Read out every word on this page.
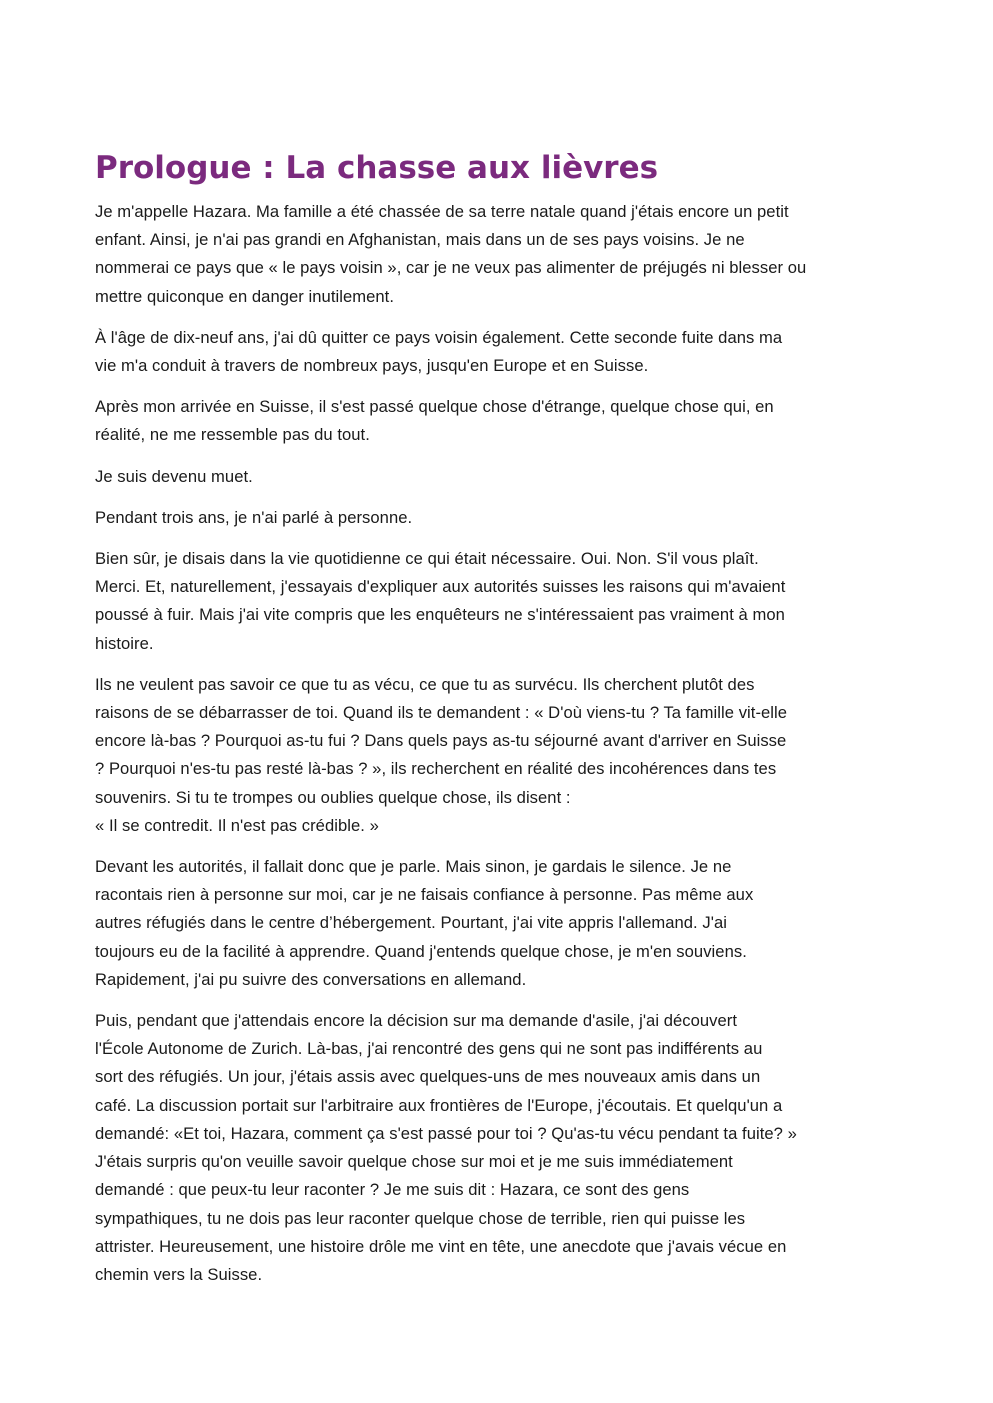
Prologue : La chasse aux lièvres

Je m'appelle Hazara. Ma famille a été chassée de sa terre natale quand j'étais encore un petit
enfant. Ainsi, je n'ai pas grandi en Afghanistan, mais dans un de ses pays voisins. Je ne
nommerai ce pays que « le pays voisin », car je ne veux pas alimenter de préjugés ni blesser ou
mettre quiconque en danger inutilement.

À l'âge de dix-neuf ans, j'ai dû quitter ce pays voisin également. Cette seconde fuite dans ma
vie m'a conduit à travers de nombreux pays, jusqu'en Europe et en Suisse.

Après mon arrivée en Suisse, il s'est passé quelque chose d'étrange, quelque chose qui, en
réalité, ne me ressemble pas du tout.

Je suis devenu muet.

Pendant trois ans, je n'ai parlé à personne.

Bien sûr, je disais dans la vie quotidienne ce qui était nécessaire. Oui. Non. S'il vous plaît.
Merci. Et, naturellement, j'essayais d'expliquer aux autorités suisses les raisons qui m'avaient
poussé à fuir. Mais j'ai vite compris que les enquêteurs ne s'intéressaient pas vraiment à mon
histoire.

Ils ne veulent pas savoir ce que tu as vécu, ce que tu as survécu. Ils cherchent plutôt des
raisons de se débarrasser de toi. Quand ils te demandent : « D'où viens-tu ? Ta famille vit-elle
encore là-bas ? Pourquoi as-tu fui ? Dans quels pays as-tu séjourné avant d'arriver en Suisse
? Pourquoi n'es-tu pas resté là-bas ? », ils recherchent en réalité des incohérences dans tes
souvenirs. Si tu te trompes ou oublies quelque chose, ils disent :
« Il se contredit. Il n'est pas crédible. »

Devant les autorités, il fallait donc que je parle. Mais sinon, je gardais le silence. Je ne
racontais rien à personne sur moi, car je ne faisais confiance à personne. Pas même aux
autres réfugiés dans le centre d’hébergement. Pourtant, j'ai vite appris l'allemand. J'ai
toujours eu de la facilité à apprendre. Quand j'entends quelque chose, je m'en souviens.
Rapidement, j'ai pu suivre des conversations en allemand.

Puis, pendant que j'attendais encore la décision sur ma demande d'asile, j'ai découvert
l'École Autonome de Zurich. Là-bas, j'ai rencontré des gens qui ne sont pas indifférents au
sort des réfugiés. Un jour, j'étais assis avec quelques-uns de mes nouveaux amis dans un
café. La discussion portait sur l'arbitraire aux frontières de l'Europe, j'écoutais. Et quelqu'un a
demandé: «Et toi, Hazara, comment ça s'est passé pour toi ? Qu'as-tu vécu pendant ta fuite? »
J'étais surpris qu'on veuille savoir quelque chose sur moi et je me suis immédiatement
demandé : que peux-tu leur raconter ? Je me suis dit : Hazara, ce sont des gens
sympathiques, tu ne dois pas leur raconter quelque chose de terrible, rien qui puisse les
attrister. Heureusement, une histoire drôle me vint en tête, une anecdote que j'avais vécue en
chemin vers la Suisse.
